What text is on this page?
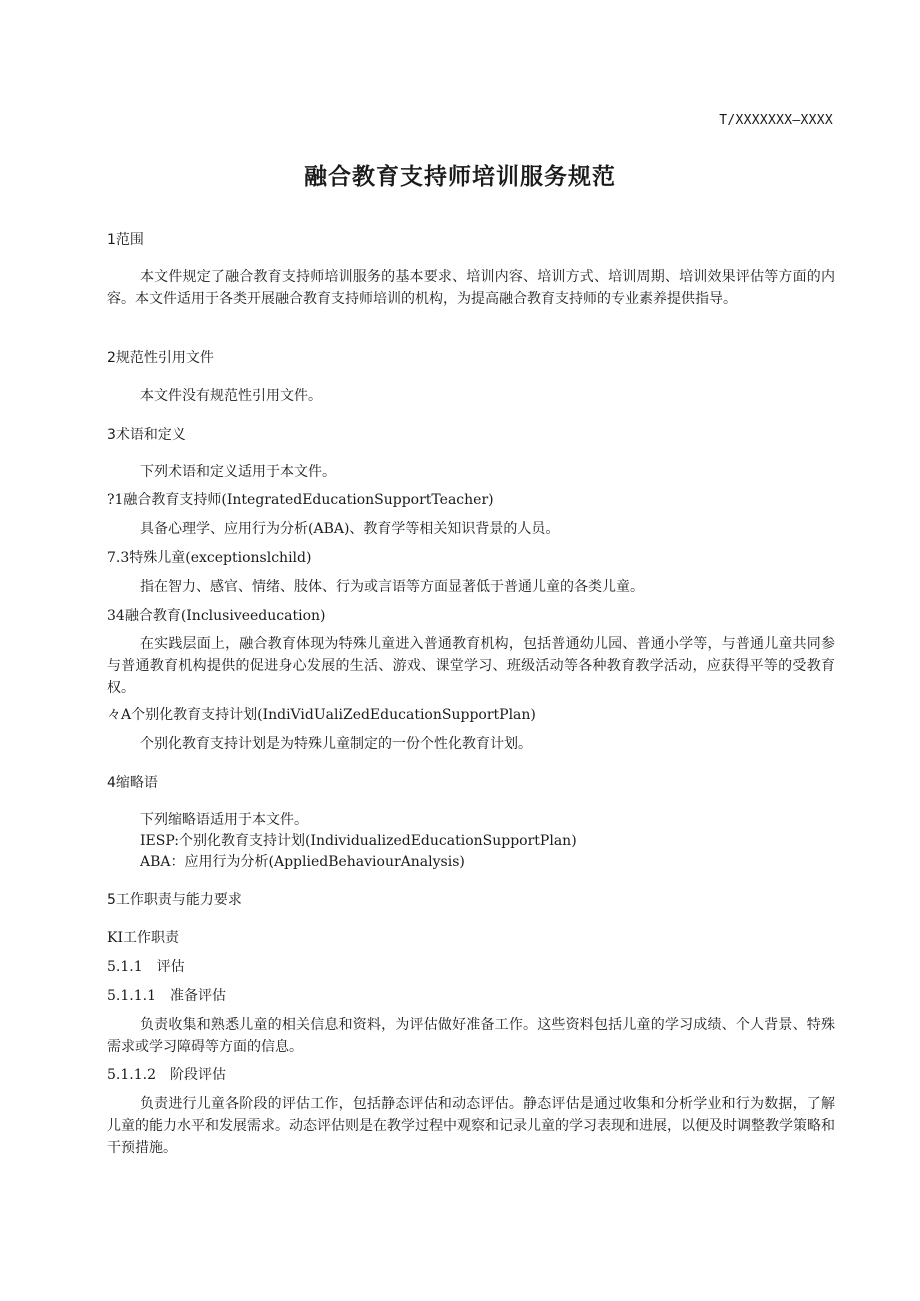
T/XXXXXXX—XXXX
融合教育支持师培训服务规范
1范围
本文件规定了融合教育支持师培训服务的基本要求、培训内容、培训方式、培训周期、培训效果评估等方面的内容。本文件适用于各类开展融合教育支持师培训的机构，为提高融合教育支持师的专业素养提供指导。
2规范性引用文件
本文件没有规范性引用文件。
3术语和定义
下列术语和定义适用于本文件。
?1融合教育支持师(IntegratedEducationSupportTeacher)
具备心理学、应用行为分析(ABA)、教育学等相关知识背景的人员。
7.3特殊儿童(exceptionslchild)
指在智力、感官、情绪、肢体、行为或言语等方面显著低于普通儿童的各类儿童。
34融合教育(Inclusiveeducation)
在实践层面上，融合教育体现为特殊儿童进入普通教育机构，包括普通幼儿园、普通小学等，与普通儿童共同参与普通教育机构提供的促进身心发展的生活、游戏、课堂学习、班级活动等各种教育教学活动，应获得平等的受教育权。
々A个别化教育支持计划(IndiVidUaliZedEducationSupportPlan)
个别化教育支持计划是为特殊儿童制定的一份个性化教育计划。
4缩略语
下列缩略语适用于本文件。
IESP:个别化教育支持计划(IndividualizedEducationSupportPlan)
ABA：应用行为分析(AppliedBehaviourAnalysis)
5工作职责与能力要求
KI工作职责
5.1.1　评估
5.1.1.1　准备评估
负责收集和熟悉儿童的相关信息和资料，为评估做好准备工作。这些资料包括儿童的学习成绩、个人背景、特殊需求或学习障碍等方面的信息。
5.1.1.2　阶段评估
负责进行儿童各阶段的评估工作，包括静态评估和动态评估。静态评估是通过收集和分析学业和行为数据，了解儿童的能力水平和发展需求。动态评估则是在教学过程中观察和记录儿童的学习表现和进展，以便及时调整教学策略和干预措施。
